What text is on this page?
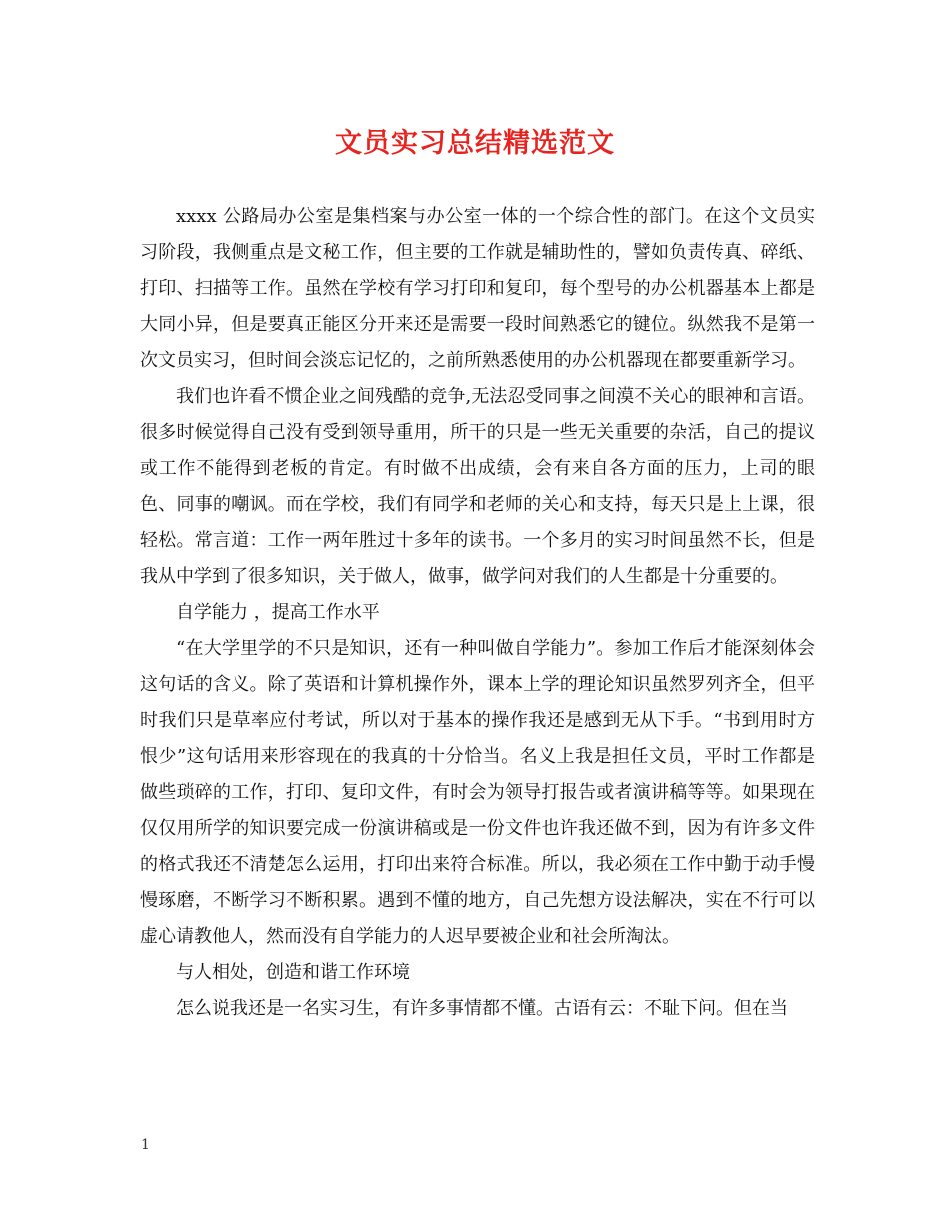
文员实习总结精选范文

xxxx 公路局办公室是集档案与办公室一体的一个综合性的部门。在这个文员实习阶段，我侧重点是文秘工作，但主要的工作就是辅助性的，譬如负责传真、碎纸、打印、扫描等工作。虽然在学校有学习打印和复印，每个型号的办公机器基本上都是大同小异，但是要真正能区分开来还是需要一段时间熟悉它的键位。纵然我不是第一次文员实习，但时间会淡忘记忆的，之前所熟悉使用的办公机器现在都要重新学习。

我们也许看不惯企业之间残酷的竞争,无法忍受同事之间漠不关心的眼神和言语。很多时候觉得自己没有受到领导重用，所干的只是一些无关重要的杂活，自己的提议或工作不能得到老板的肯定。有时做不出成绩，会有来自各方面的压力，上司的眼色、同事的嘲讽。而在学校，我们有同学和老师的关心和支持，每天只是上上课，很轻松。常言道：工作一两年胜过十多年的读书。一个多月的实习时间虽然不长，但是我从中学到了很多知识，关于做人，做事，做学问对我们的人生都是十分重要的。

自学能力 ，提高工作水平

“在大学里学的不只是知识，还有一种叫做自学能力”。参加工作后才能深刻体会这句话的含义。除了英语和计算机操作外，课本上学的理论知识虽然罗列齐全，但平时我们只是草率应付考试，所以对于基本的操作我还是感到无从下手。“书到用时方恨少”这句话用来形容现在的我真的十分恰当。名义上我是担任文员，平时工作都是做些琐碎的工作，打印、复印文件，有时会为领导打报告或者演讲稿等等。如果现在仅仅用所学的知识要完成一份演讲稿或是一份文件也许我还做不到，因为有许多文件的格式我还不清楚怎么运用，打印出来符合标准。所以，我必须在工作中勤于动手慢慢琢磨，不断学习不断积累。遇到不懂的地方，自己先想方设法解决，实在不行可以虚心请教他人，然而没有自学能力的人迟早要被企业和社会所淘汰。

与人相处，创造和谐工作环境

怎么说我还是一名实习生，有许多事情都不懂。古语有云：不耻下问。但在当

1
